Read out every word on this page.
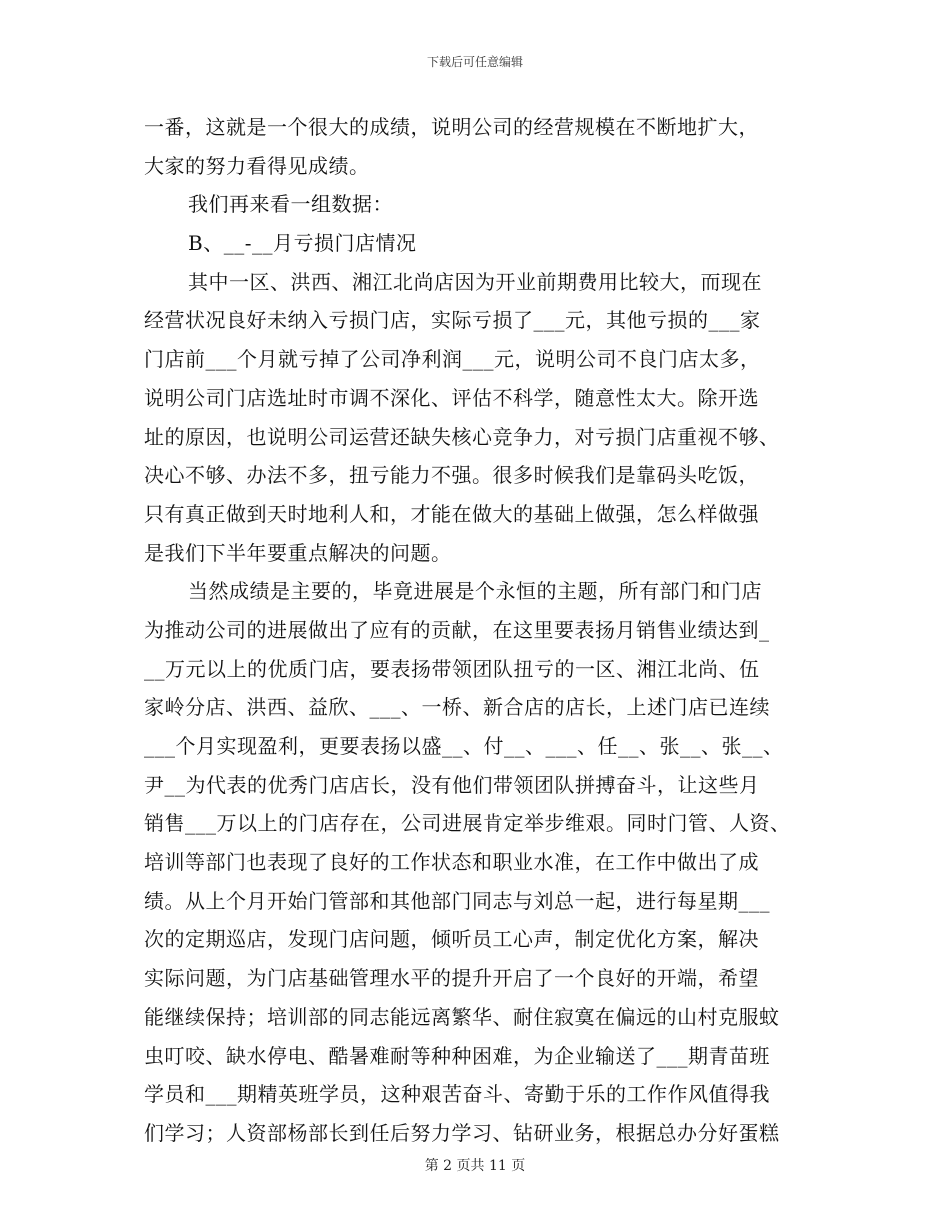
下载后可任意编辑
一番，这就是一个很大的成绩，说明公司的经营规模在不断地扩大，
大家的努力看得见成绩。
我们再来看一组数据：
B、__-__月亏损门店情况
其中一区、洪西、湘江北尚店因为开业前期费用比较大，而现在
经营状况良好未纳入亏损门店，实际亏损了___元，其他亏损的___家
门店前___个月就亏掉了公司净利润___元，说明公司不良门店太多，
说明公司门店选址时市调不深化、评估不科学，随意性太大。除开选
址的原因，也说明公司运营还缺失核心竞争力，对亏损门店重视不够、
决心不够、办法不多，扭亏能力不强。很多时候我们是靠码头吃饭，
只有真正做到天时地利人和，才能在做大的基础上做强，怎么样做强
是我们下半年要重点解决的问题。
当然成绩是主要的，毕竟进展是个永恒的主题，所有部门和门店
为推动公司的进展做出了应有的贡献，在这里要表扬月销售业绩达到_
__万元以上的优质门店，要表扬带领团队扭亏的一区、湘江北尚、伍
家岭分店、洪西、益欣、___、一桥、新合店的店长，上述门店已连续
___个月实现盈利，更要表扬以盛__、付__、___、任__、张__、张__、
尹__为代表的优秀门店店长，没有他们带领团队拼搏奋斗，让这些月
销售___万以上的门店存在，公司进展肯定举步维艰。同时门管、人资、
培训等部门也表现了良好的工作状态和职业水准，在工作中做出了成
绩。从上个月开始门管部和其他部门同志与刘总一起，进行每星期___
次的定期巡店，发现门店问题，倾听员工心声，制定优化方案，解决
实际问题，为门店基础管理水平的提升开启了一个良好的开端，希望
能继续保持；培训部的同志能远离繁华、耐住寂寞在偏远的山村克服蚊
虫叮咬、缺水停电、酷暑难耐等种种困难，为企业输送了___期青苗班
学员和___期精英班学员，这种艰苦奋斗、寄勤于乐的工作作风值得我
们学习；人资部杨部长到任后努力学习、钻研业务，根据总办分好蛋糕
第 2 页共 11 页
